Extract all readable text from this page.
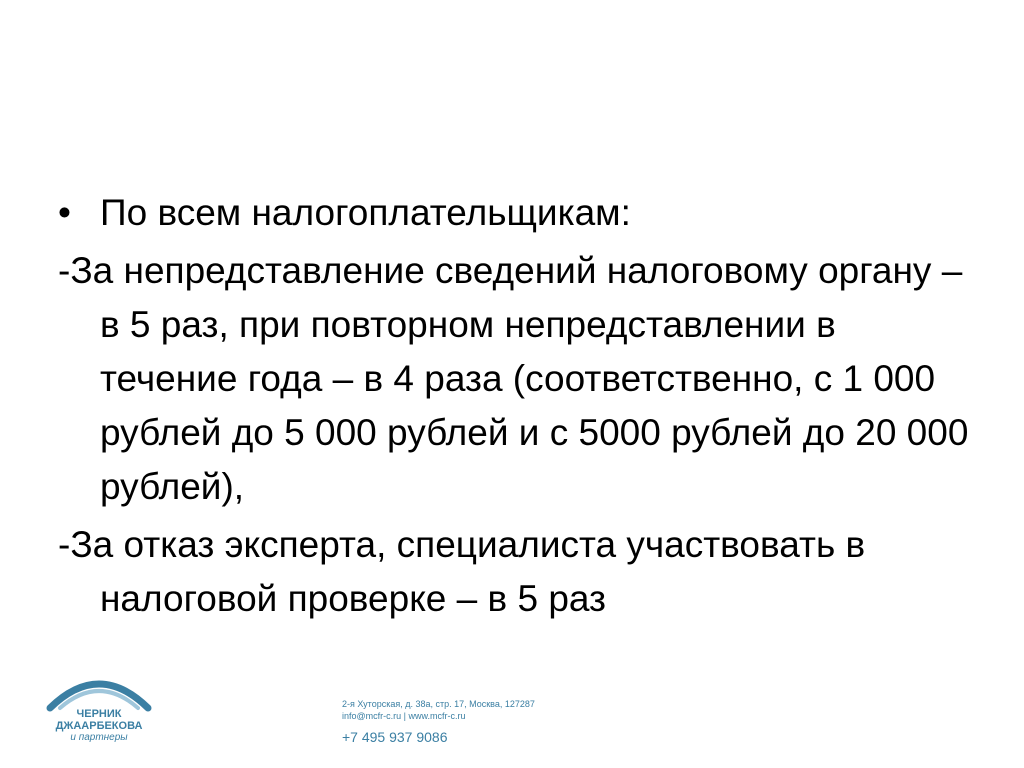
ЧЕРНИК
ДЖААРБЕКОВА
и партнеры
2-я Хуторская, д. 38а, стр. 17, Москва, 127287
info@mcfr-c.ru | www.mcfr-c.ru
+7 495 937 9086

• По всем налогоплательщикам:

-За непредставление сведений налоговому органу – в 5 раз, при повторном непредставлении в течение года – в 4 раза (соответственно, с 1 000 рублей до 5 000 рублей и с 5000 рублей до 20 000 рублей),

-За отказ эксперта, специалиста участвовать в налоговой проверке – в 5 раз
